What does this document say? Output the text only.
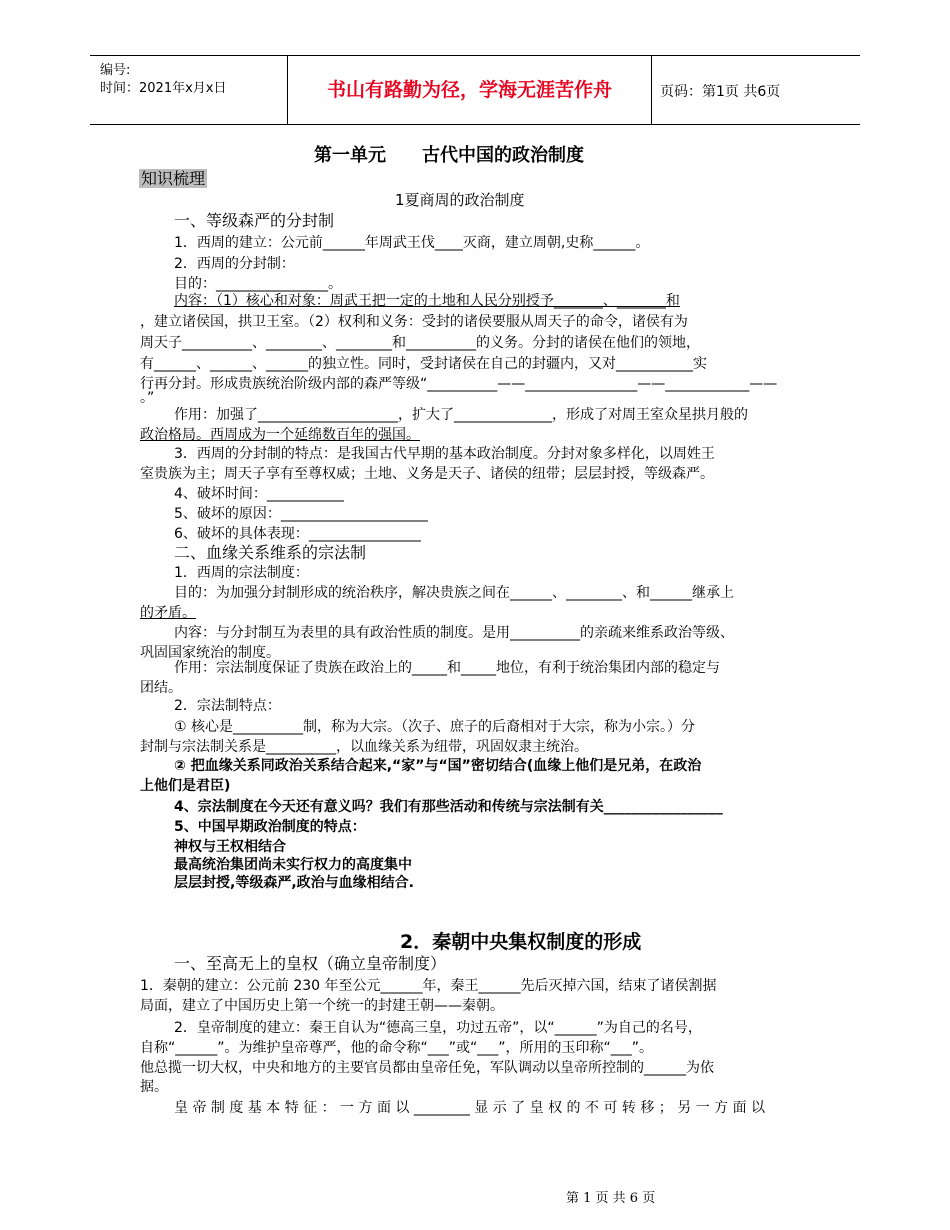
编号:
时间：2021年x月x日	书山有路勤为径，学海无涯苦作舟	页码：第1页 共6页
第一单元　　古代中国的政治制度
知识梳理
1夏商周的政治制度
一、等级森严的分封制
1．西周的建立：公元前______年周武王伐____灭商，建立周朝,史称______。
2．西周的分封制：
目的：________________。
内容：（1）核心和对象：周武王把一定的土地和人民分别授予_______、_______和
，建立诸侯国，拱卫王室。（2）权利和义务：受封的诸侯要服从周天子的命令，诸侯有为
周天子__________、________、________和__________的义务。分封的诸侯在他们的领地，
有______、______、______的独立性。同时，受封诸侯在自己的封疆内，又对___________实
行再分封。形成贵族统治阶级内部的森严等级“__________——________________——____________——
。”
作用：加强了____________________，扩大了______________，形成了对周王室众星拱月般的
政治格局。西周成为一个延绵数百年的强国。
3．西周的分封制的特点：是我国古代早期的基本政治制度。分封对象多样化，以周姓王
室贵族为主；周天子享有至尊权威；土地、义务是天子、诸侯的纽带；层层封授，等级森严。
4、破坏时间：___________
5、破坏的原因：_____________________
6、破坏的具体表现：________________
二、血缘关系维系的宗法制
1．西周的宗法制度：
目的：为加强分封制形成的统治秩序，解决贵族之间在______、________、和______继承上
的矛盾。
内容：与分封制互为表里的具有政治性质的制度。是用__________的亲疏来维系政治等级、
巩固国家统治的制度。
作用：宗法制度保证了贵族在政治上的_____和_____地位，有利于统治集团内部的稳定与
团结。
2．宗法制特点：
① 核心是__________制，称为大宗。（次子、庶子的后裔相对于大宗，称为小宗。）分
封制与宗法制关系是__________，以血缘关系为纽带，巩固奴隶主统治。
② 把血缘关系同政治关系结合起来,“家”与“国”密切结合(血缘上他们是兄弟，在政治
上他们是君臣)
4、宗法制度在今天还有意义吗？我们有那些活动和传统与宗法制有关_________________
5、中国早期政治制度的特点：
神权与王权相结合
最高统治集团尚未实行权力的高度集中
层层封授,等级森严,政治与血缘相结合.
2．秦朝中央集权制度的形成
一、至高无上的皇权（确立皇帝制度）
1．秦朝的建立：公元前 230 年至公元______年，秦王______先后灭掉六国，结束了诸侯割据
局面，建立了中国历史上第一个统一的封建王朝——秦朝。
2．皇帝制度的建立：秦王自认为“德高三皇，功过五帝”，以“______”为自己的名号，
自称“______”。为维护皇帝尊严，他的命令称“___”或“___”，所用的玉印称“___”。
他总揽一切大权，中央和地方的主要官员都由皇帝任免，军队调动以皇帝所控制的______为依
据。
皇 帝 制 度 基 本 特 征 ： 一 方 面 以 ________ 显 示 了 皇 权 的 不 可 转 移 ； 另 一 方 面 以
第 1 页 共 6 页
